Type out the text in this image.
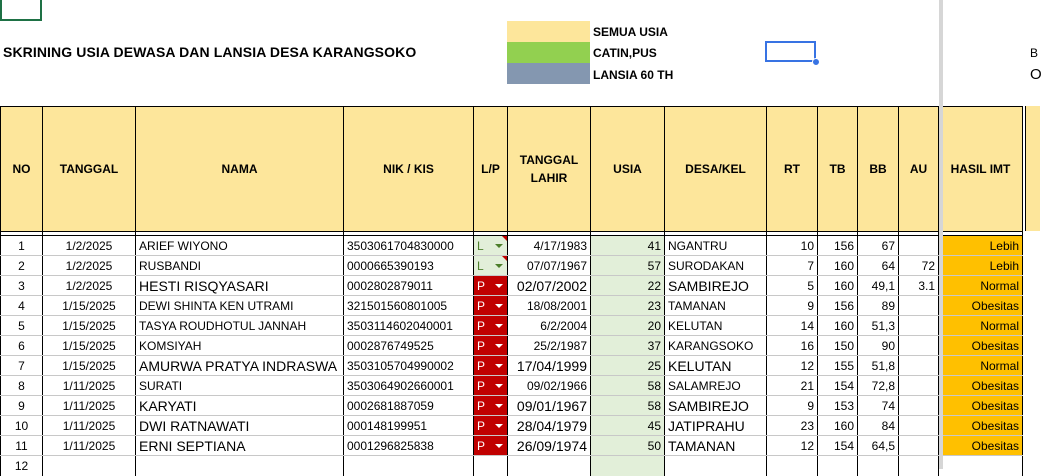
SKRINING USIA DEWASA DAN LANSIA DESA KARANGSOKO
SEMUA USIA
CATIN,PUS
LANSIA 60 TH
B
O
NO	TANGGAL	NAMA	NIK / KIS	L/P	TANGGAL LAHIR	USIA	DESA/KEL	RT	TB	BB	AU	HASIL IMT

1	1/2/2025	ARIEF WIYONO	3503061704830000	L	4/17/1983	41	NGANTRU	10	156	67		Lebih
2	1/2/2025	RUSBANDI	0000665390193	L	07/07/1967	57	SURODAKAN	7	160	64	72	Lebih
3	1/2/2025	HESTI RISQYASARI	0002802879011	P	02/07/2002	22	SAMBIREJO	5	160	49,1	3.1	Normal
4	1/15/2025	DEWI SHINTA KEN UTRAMI	321501560801005	P	18/08/2001	23	TAMANAN	9	156	89		Obesitas
5	1/15/2025	TASYA ROUDHOTUL JANNAH	3503114602040001	P	6/2/2004	20	KELUTAN	14	160	51,3		Normal
6	1/15/2025	KOMSIYAH	0002876749525	P	25/2/1987	37	KARANGSOKO	16	150	90		Obesitas
7	1/15/2025	AMURWA PRATYA INDRASWA	3503105704990002	P	17/04/1999	25	KELUTAN	12	155	51,8		Normal
8	1/11/2025	SURATI	3503064902660001	P	09/02/1966	58	SALAMREJO	21	154	72,8		Obesitas
9	1/11/2025	KARYATI	0002681887059	P	09/01/1967	58	SAMBIREJO	9	153	74		Obesitas
10	1/11/2025	DWI RATNAWATI	000148199951	P	28/04/1979	45	JATIPRAHU	23	160	84		Obesitas
11	1/11/2025	ERNI SEPTIANA	0001296825838	P	26/09/1974	50	TAMANAN	12	154	64,5		Obesitas
12												
